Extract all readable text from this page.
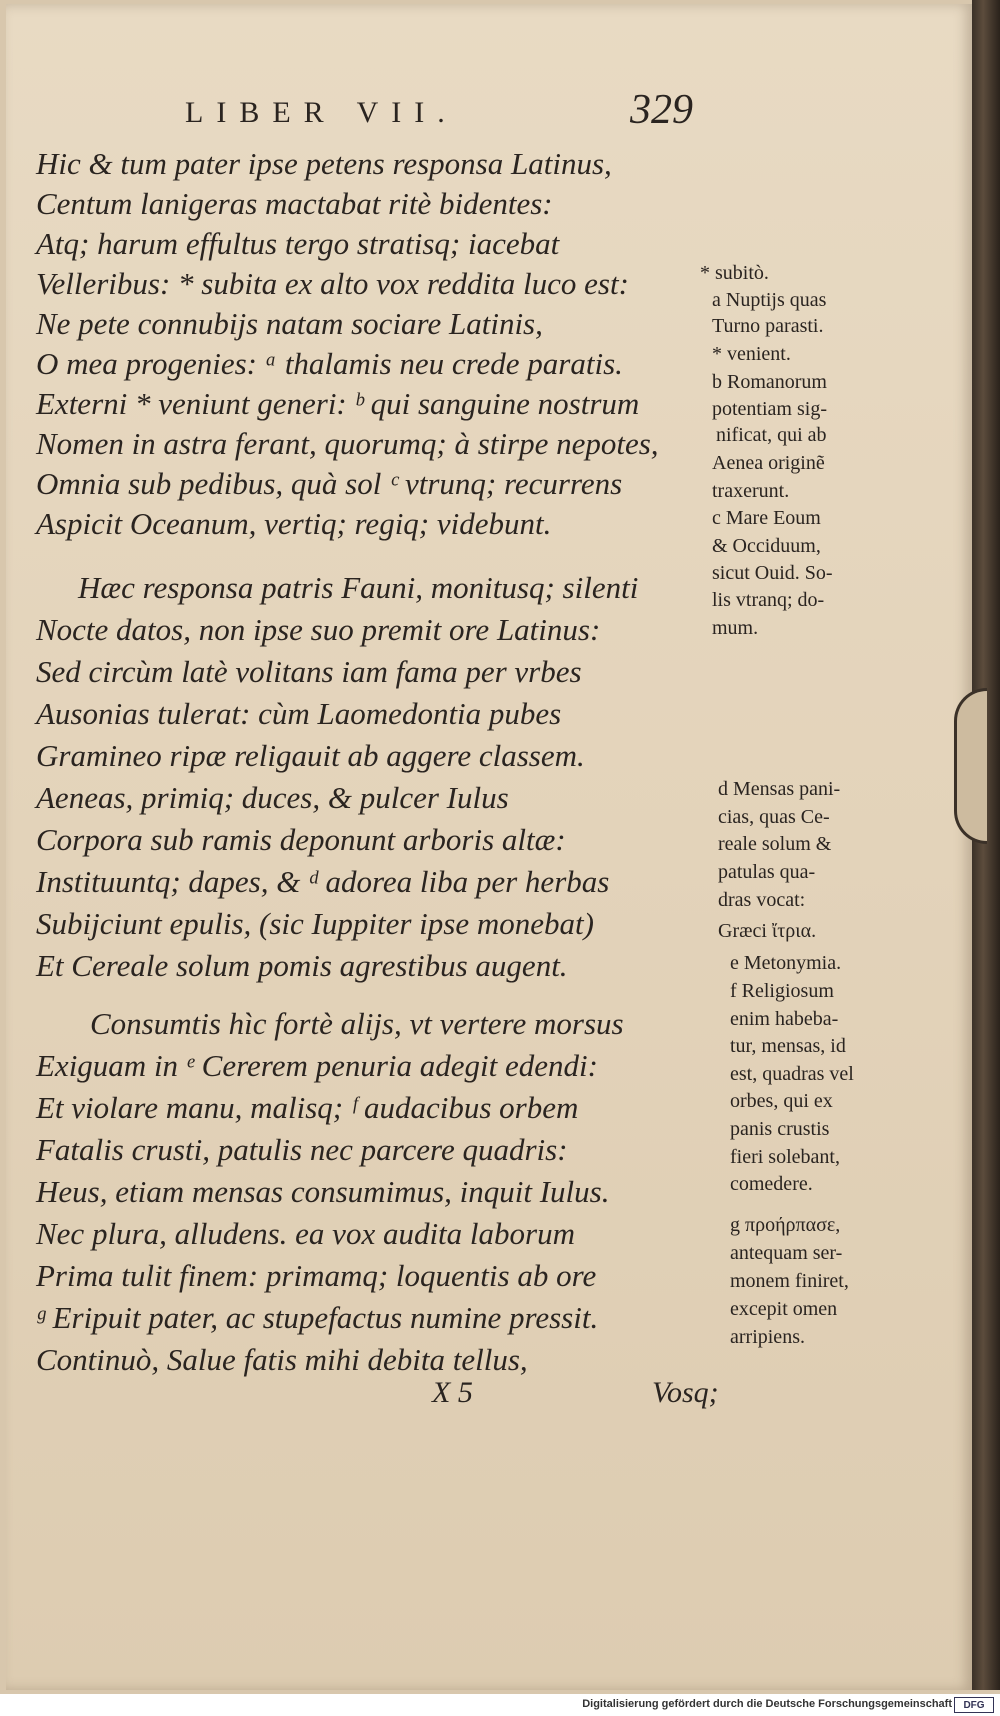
LIBER VII.	329
Hic & tum pater ipse petens responsa Latinus,
Centum lanigeras mactabat ritè bidentes:
Atq; harum effultus tergo stratisq; iacebat
Velleribus: * subita ex alto vox reddita luco est:
Ne pete connubijs natam sociare Latinis,
O mea progenies: ᵃ thalamis neu crede paratis.
Externi * veniunt generi: ᵇ qui sanguine nostrum
Nomen in astra ferant, quorumq; à stirpe nepotes,
Omnia sub pedibus, quà sol ᶜ vtrunq; recurrens
Aspicit Oceanum, vertiq; regiq; videbunt.
Hæc responsa patris Fauni, monitusq; silenti
Nocte datos, non ipse suo premit ore Latinus:
Sed circùm latè volitans iam fama per vrbes
Ausonias tulerat: cùm Laomedontia pubes
Gramineo ripæ religauit ab aggere classem.
Aeneas, primiq; duces, & pulcer Iulus
Corpora sub ramis deponunt arboris altæ:
Instituuntq; dapes, & ᵈ adorea liba per herbas
Subijciunt epulis, (sic Iuppiter ipse monebat)
Et Cereale solum pomis agrestibus augent.
Consumtis hìc fortè alijs, vt vertere morsus
Exiguam in ᵉ Cererem penuria adegit edendi:
Et violare manu, malisq; ᶠ audacibus orbem
Fatalis crusti, patulis nec parcere quadris:
Heus, etiam mensas consumimus, inquit Iulus.
Nec plura, alludens. ea vox audita laborum
Prima tulit finem: primamq; loquentis ab ore
ᵍ Eripuit pater, ac stupefactus numine pressit.
Continuò, Salue fatis mihi debita tellus,
* subitò.
a Nuptijs quas
Turno parasti.
* venient.
b Romanorum
potentiam sig-
nificat, qui ab
Aenea originẽ
traxerunt.
c Mare Eoum
& Occiduum,
sicut Ouid. So-
lis vtranq; do-
mum.
d Mensas pani-
cias, quas Ce-
reale solum &
patulas qua-
dras vocat:
Græci ἴτρια.
e Metonymia.
f Religiosum
enim habeba-
tur, mensas, id
est, quadras vel
orbes, qui ex
panis crustis
fieri solebant,
comedere.
g προήρπασε,
antequam ser-
monem finiret,
excepit omen
arripiens.
X 5	Vosq;
Digitalisierung gefördert durch die Deutsche Forschungsgemeinschaft DFG
